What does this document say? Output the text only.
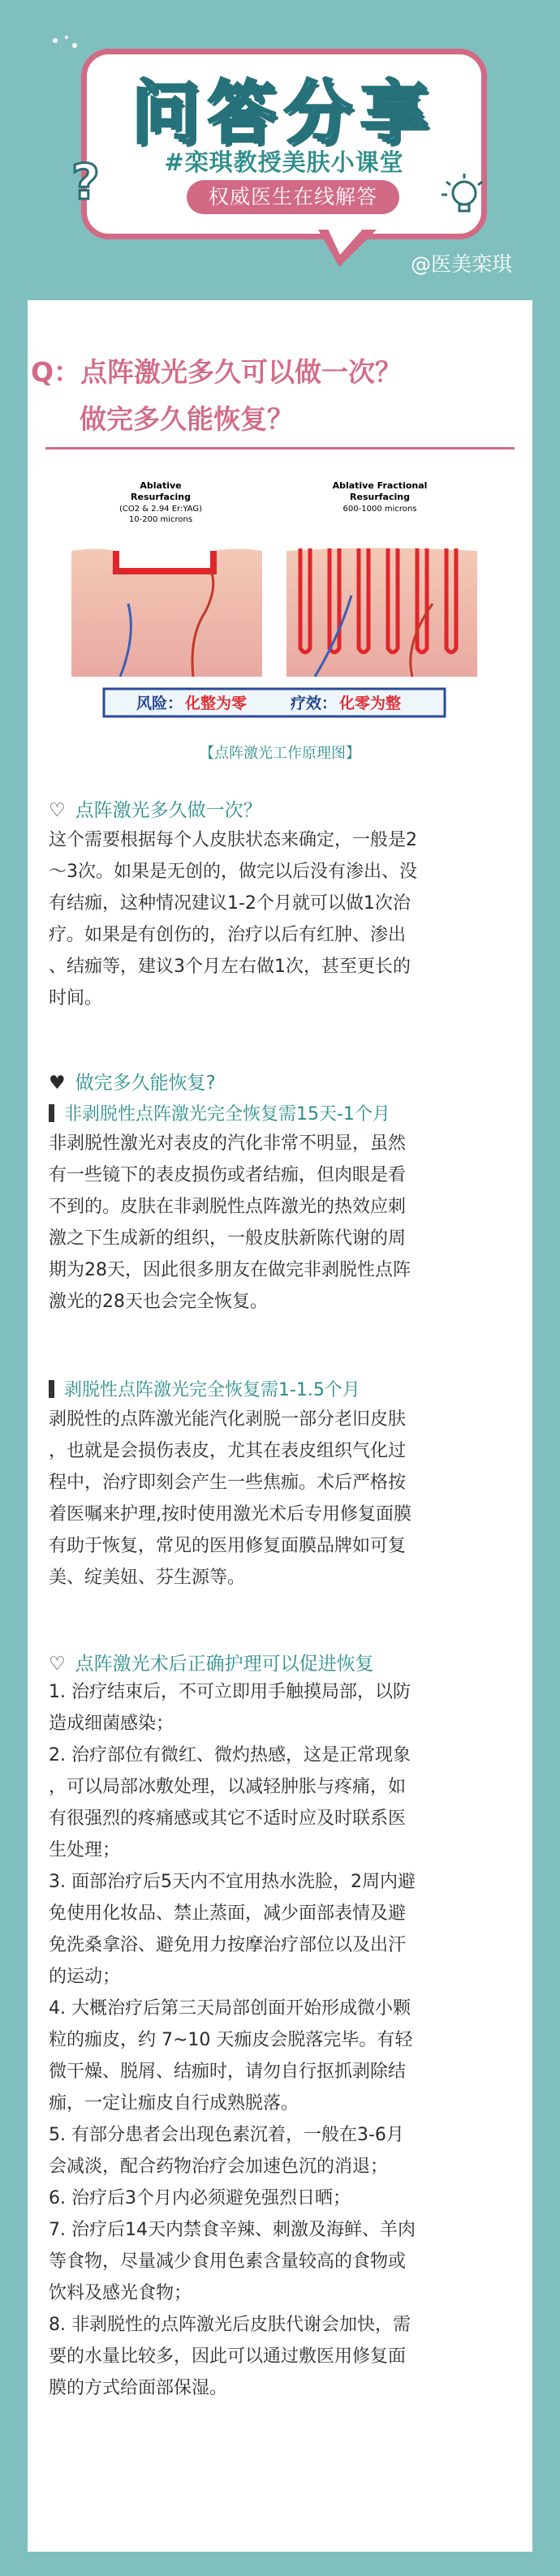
问答分享
#栾琪教授美肤小课堂
权威医生在线解答
?
@医美栾琪
Q：点阵激光多久可以做一次？
做完多久能恢复？
Ablative
Resurfacing
(CO2 & 2.94 Er:YAG)
10-200 microns
Ablative Fractional
Resurfacing
600-1000 microns
风险： 化整为零	疗效： 化零为整
【点阵激光工作原理图】
♡ 点阵激光多久做一次？

这个需要根据每个人皮肤状态来确定，一般是2

～3次。如果是无创的，做完以后没有渗出、没

有结痂，这种情况建议1-2个月就可以做1次治

疗。如果是有创伤的，治疗以后有红肿、渗出

、结痂等，建议3个月左右做1次，甚至更长的

时间。

♥ 做完多久能恢复?
非剥脱性点阵激光完全恢复需15天-1个月

非剥脱性激光对表皮的汽化非常不明显，虽然

有一些镜下的表皮损伤或者结痂，但肉眼是看

不到的。皮肤在非剥脱性点阵激光的热效应刺

激之下生成新的组织，一般皮肤新陈代谢的周

期为28天，因此很多朋友在做完非剥脱性点阵

激光的28天也会完全恢复。

剥脱性点阵激光完全恢复需1-1.5个月

剥脱性的点阵激光能汽化剥脱一部分老旧皮肤

，也就是会损伤表皮，尤其在表皮组织气化过

程中，治疗即刻会产生一些焦痂。术后严格按

着医嘱来护理,按时使用激光术后专用修复面膜

有助于恢复，常见的医用修复面膜品牌如可复

美、绽美妞、芬生源等。

♡ 点阵激光术后正确护理可以促进恢复

1. 治疗结束后，不可立即用手触摸局部，以防

造成细菌感染；

2. 治疗部位有微红、微灼热感，这是正常现象

，可以局部冰敷处理，以减轻肿胀与疼痛，如

有很强烈的疼痛感或其它不适时应及时联系医

生处理；

3. 面部治疗后5天内不宜用热水洗脸，2周内避

免使用化妆品、禁止蒸面，减少面部表情及避

免洗桑拿浴、避免用力按摩治疗部位以及出汗

的运动；

4. 大概治疗后第三天局部创面开始形成微小颗

粒的痂皮，约 7~10 天痂皮会脱落完毕。有轻

微干燥、脱屑、结痂时，请勿自行抠抓剥除结

痂，一定让痂皮自行成熟脱落。

5. 有部分患者会出现色素沉着，一般在3-6月

会减淡，配合药物治疗会加速色沉的消退；

6. 治疗后3个月内必须避免强烈日晒；

7. 治疗后14天内禁食辛辣、刺激及海鲜、羊肉

等食物，尽量减少食用色素含量较高的食物或

饮料及感光食物；

8. 非剥脱性的点阵激光后皮肤代谢会加快，需

要的水量比较多，因此可以通过敷医用修复面

膜的方式给面部保湿。
